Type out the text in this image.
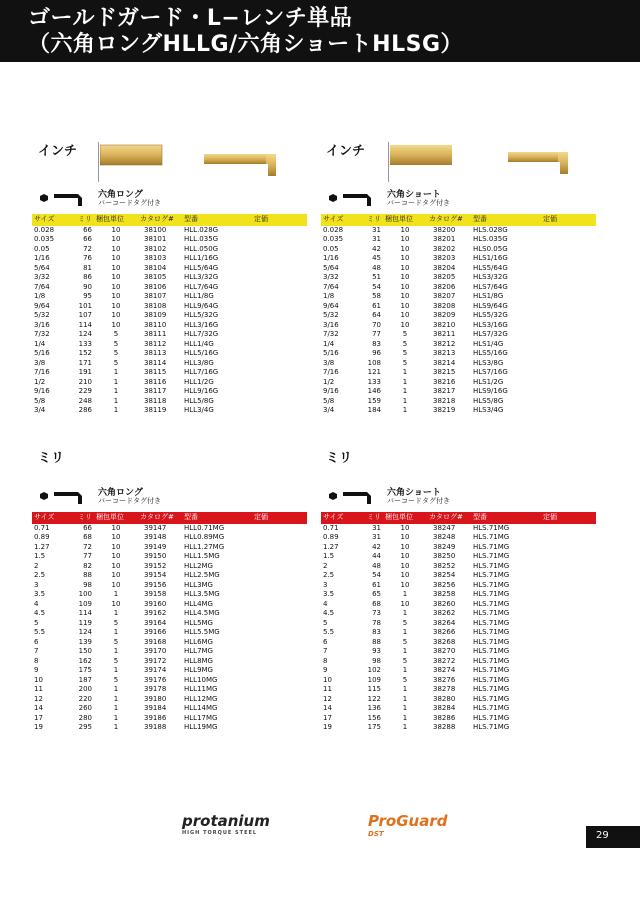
ゴールドガード・L−レンチ単品
（六角ロングHLLG/六角ショートHLSG）
インチ	インチ
ミリ	ミリ
六角ロング
バーコードタグ付き
サイズ	ミリ	梱包単位	カタログ#	型番	定価
0.028	66	10	38100	HLL.028G	
0.035	66	10	38101	HLL.035G	
0.05	72	10	38102	HLL.050G	
1/16	76	10	38103	HLL1/16G	
5/64	81	10	38104	HLL5/64G	
3/32	86	10	38105	HLL3/32G	
7/64	90	10	38106	HLL7/64G	
1/8	95	10	38107	HLL1/8G	
9/64	101	10	38108	HLL9/64G	
5/32	107	10	38109	HLL5/32G	
3/16	114	10	38110	HLL3/16G	
7/32	124	5	38111	HLL7/32G	
1/4	133	5	38112	HLL1/4G	
5/16	152	5	38113	HLL5/16G	
3/8	171	5	38114	HLL3/8G	
7/16	191	1	38115	HLL7/16G	
1/2	210	1	38116	HLL1/2G	
9/16	229	1	38117	HLL9/16G	
5/8	248	1	38118	HLL5/8G	
3/4	286	1	38119	HLL3/4G	
六角ショート
バーコードタグ付き
サイズ	ミリ	梱包単位	カタログ#	型番	定価
0.028	31	10	38200	HLS.028G	
0.035	31	10	38201	HLS.035G	
0.05	42	10	38202	HLS0.05G	
1/16	45	10	38203	HLS1/16G	
5/64	48	10	38204	HLS5/64G	
3/32	51	10	38205	HLS3/32G	
7/64	54	10	38206	HLS7/64G	
1/8	58	10	38207	HLS1/8G	
9/64	61	10	38208	HLS9/64G	
5/32	64	10	38209	HLS5/32G	
3/16	70	10	38210	HLS3/16G	
7/32	77	5	38211	HLS7/32G	
1/4	83	5	38212	HLS1/4G	
5/16	96	5	38213	HLS5/16G	
3/8	108	5	38214	HLS3/8G	
7/16	121	1	38215	HLS7/16G	
1/2	133	1	38216	HLS1/2G	
9/16	146	1	38217	HLS9/16G	
5/8	159	1	38218	HLS5/8G	
3/4	184	1	38219	HLS3/4G	
六角ロング
バーコードタグ付き
サイズ	ミリ	梱包単位	カタログ#	型番	定価
0.71	66	10	39147	HLL0.71MG	
0.89	68	10	39148	HLL0.89MG	
1.27	72	10	39149	HLL1.27MG	
1.5	77	10	39150	HLL1.5MG	
2	82	10	39152	HLL2MG	
2.5	88	10	39154	HLL2.5MG	
3	98	10	39156	HLL3MG	
3.5	100	1	39158	HLL3.5MG	
4	109	10	39160	HLL4MG	
4.5	114	1	39162	HLL4.5MG	
5	119	5	39164	HLL5MG	
5.5	124	1	39166	HLL5.5MG	
6	139	5	39168	HLL6MG	
7	150	1	39170	HLL7MG	
8	162	5	39172	HLL8MG	
9	175	1	39174	HLL9MG	
10	187	5	39176	HLL10MG	
11	200	1	39178	HLL11MG	
12	220	1	39180	HLL12MG	
14	260	1	39184	HLL14MG	
17	280	1	39186	HLL17MG	
19	295	1	39188	HLL19MG	
六角ショート
バーコードタグ付き
サイズ	ミリ	梱包単位	カタログ#	型番	定価
0.71	31	10	38247	HLS.71MG	
0.89	31	10	38248	HLS.71MG	
1.27	42	10	38249	HLS.71MG	
1.5	44	10	38250	HLS.71MG	
2	48	10	38252	HLS.71MG	
2.5	54	10	38254	HLS.71MG	
3	61	10	38256	HLS.71MG	
3.5	65	1	38258	HLS.71MG	
4	68	10	38260	HLS.71MG	
4.5	73	1	38262	HLS.71MG	
5	78	5	38264	HLS.71MG	
5.5	83	1	38266	HLS.71MG	
6	88	5	38268	HLS.71MG	
7	93	1	38270	HLS.71MG	
8	98	5	38272	HLS.71MG	
9	102	1	38274	HLS.71MG	
10	109	5	38276	HLS.71MG	
11	115	1	38278	HLS.71MG	
12	122	1	38280	HLS.71MG	
14	136	1	38284	HLS.71MG	
17	156	1	38286	HLS.71MG	
19	175	1	38288	HLS.71MG	
protanium
HIGH TORQUE STEEL
ProGuard
DST	29
